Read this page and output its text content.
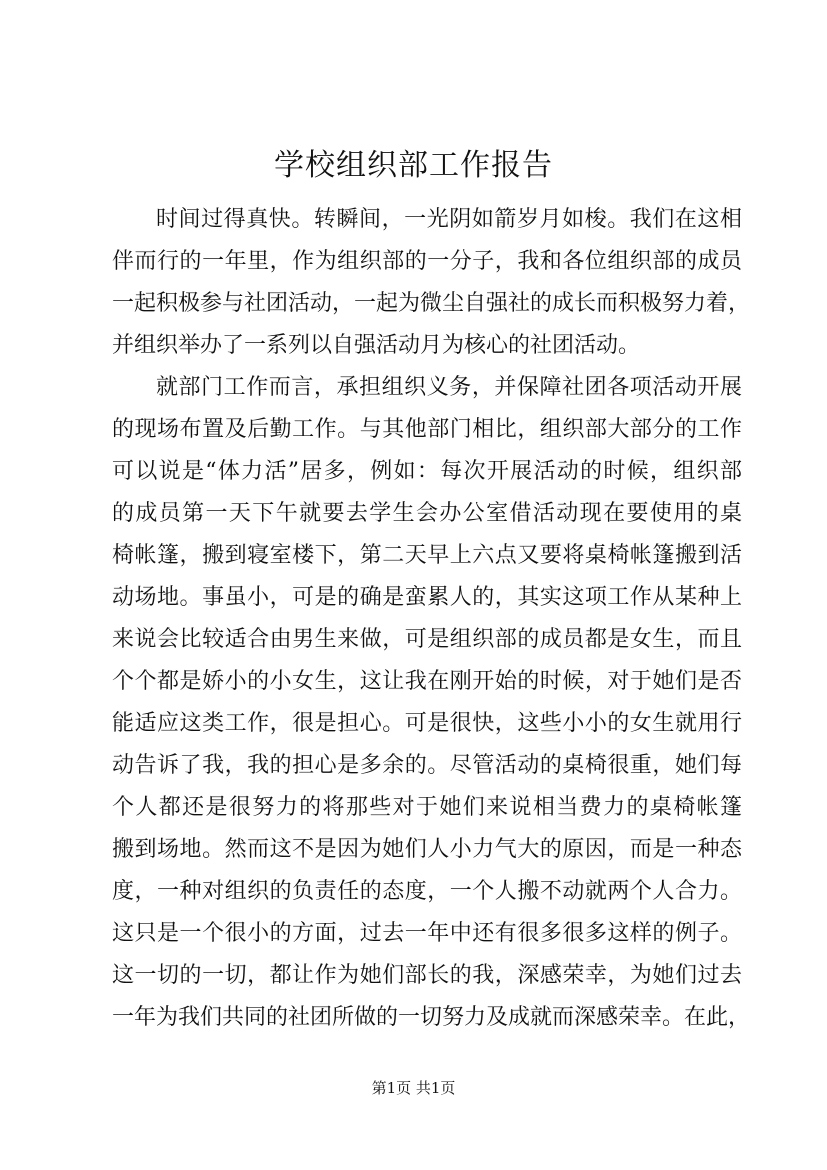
学校组织部工作报告

时间过得真快。转瞬间，一光阴如箭岁月如梭。我们在这相

伴而行的一年里，作为组织部的一分子，我和各位组织部的成员

一起积极参与社团活动，一起为微尘自强社的成长而积极努力着，

并组织举办了一系列以自强活动月为核心的社团活动。

就部门工作而言，承担组织义务，并保障社团各项活动开展

的现场布置及后勤工作。与其他部门相比，组织部大部分的工作

可以说是“体力活”居多，例如：每次开展活动的时候，组织部

的成员第一天下午就要去学生会办公室借活动现在要使用的桌

椅帐篷，搬到寝室楼下，第二天早上六点又要将桌椅帐篷搬到活

动场地。事虽小，可是的确是蛮累人的，其实这项工作从某种上

来说会比较适合由男生来做，可是组织部的成员都是女生，而且

个个都是娇小的小女生，这让我在刚开始的时候，对于她们是否

能适应这类工作，很是担心。可是很快，这些小小的女生就用行

动告诉了我，我的担心是多余的。尽管活动的桌椅很重，她们每

个人都还是很努力的将那些对于她们来说相当费力的桌椅帐篷

搬到场地。然而这不是因为她们人小力气大的原因，而是一种态

度，一种对组织的负责任的态度，一个人搬不动就两个人合力。

这只是一个很小的方面，过去一年中还有很多很多这样的例子。

这一切的一切，都让作为她们部长的我，深感荣幸，为她们过去

一年为我们共同的社团所做的一切努力及成就而深感荣幸。在此，

第1页 共1页
